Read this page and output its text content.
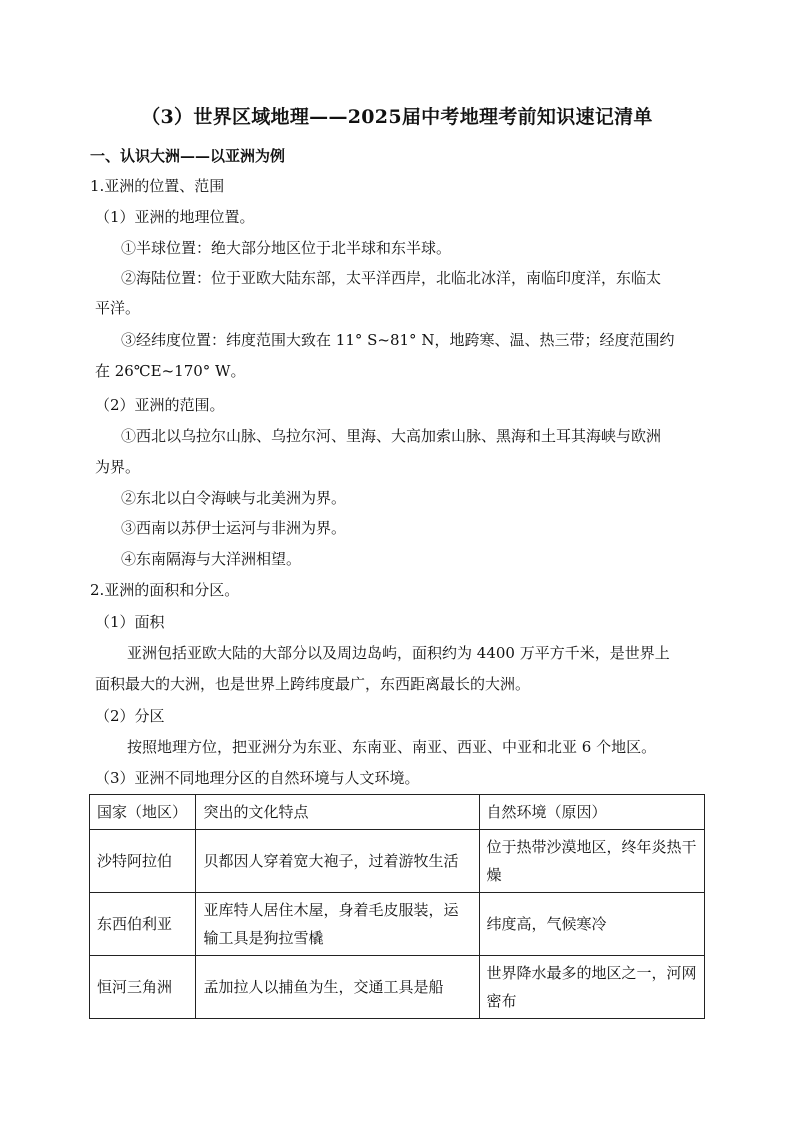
（3）世界区域地理——2025届中考地理考前知识速记清单
一、认识大洲——以亚洲为例
1.亚洲的位置、范围
（1）亚洲的地理位置。
①半球位置：绝大部分地区位于北半球和东半球。
②海陆位置：位于亚欧大陆东部，太平洋西岸，北临北冰洋，南临印度洋，东临太
平洋。
③经纬度位置：纬度范围大致在 11° S~81° N，地跨寒、温、热三带；经度范围约
在 26℃E~170° W。
（2）亚洲的范围。
①西北以乌拉尔山脉、乌拉尔河、里海、大高加索山脉、黑海和土耳其海峡与欧洲
为界。
②东北以白令海峡与北美洲为界。
③西南以苏伊士运河与非洲为界。
④东南隔海与大洋洲相望。
2.亚洲的面积和分区。
（1）面积
亚洲包括亚欧大陆的大部分以及周边岛屿，面积约为 4400 万平方千米，是世界上
面积最大的大洲，也是世界上跨纬度最广，东西距离最长的大洲。
（2）分区
按照地理方位，把亚洲分为东亚、东南亚、南亚、西亚、中亚和北亚 6 个地区。
（3）亚洲不同地理分区的自然环境与人文环境。
国家（地区）	突出的文化特点	自然环境（原因）
沙特阿拉伯	贝都因人穿着宽大袍子，过着游牧生活	位于热带沙漠地区，终年炎热干燥
东西伯利亚	亚库特人居住木屋，身着毛皮服装，运输工具是狗拉雪橇	纬度高，气候寒冷
恒河三角洲	孟加拉人以捕鱼为生，交通工具是船	世界降水最多的地区之一，河网密布
